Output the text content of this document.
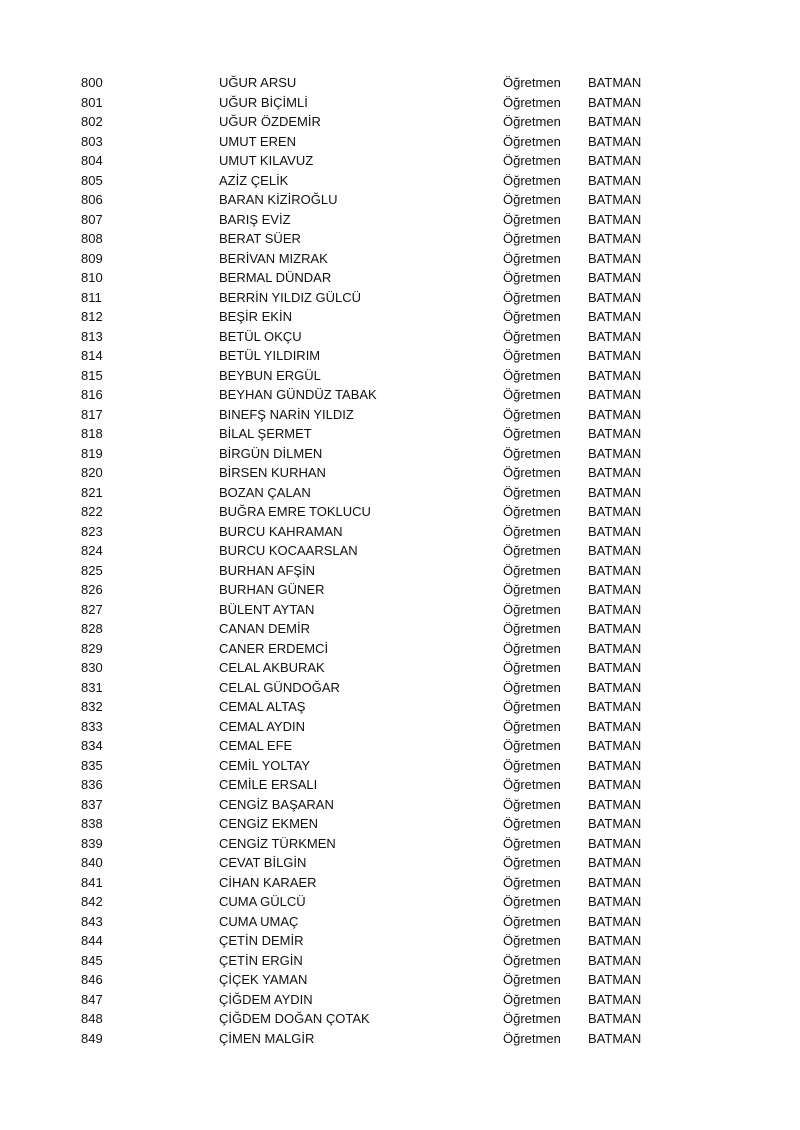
800	UĞUR ARSU	Öğretmen BATMAN
801	UĞUR BİÇİMLİ	Öğretmen BATMAN
802	UĞUR ÖZDEMİR	Öğretmen BATMAN
803	UMUT EREN	Öğretmen BATMAN
804	UMUT KILAVUZ	Öğretmen BATMAN
805	AZİZ ÇELİK	Öğretmen BATMAN
806	BARAN KİZİROĞLU	Öğretmen BATMAN
807	BARIŞ EVİZ	Öğretmen BATMAN
808	BERAT SÜER	Öğretmen BATMAN
809	BERİVAN MIZRAK	Öğretmen BATMAN
810	BERMAL DÜNDAR	Öğretmen BATMAN
811	BERRİN YILDIZ GÜLCÜ	Öğretmen BATMAN
812	BEŞİR EKİN	Öğretmen BATMAN
813	BETÜL OKÇU	Öğretmen BATMAN
814	BETÜL YILDIRIM	Öğretmen BATMAN
815	BEYBUN ERGÜL	Öğretmen BATMAN
816	BEYHAN GÜNDÜZ TABAK	Öğretmen BATMAN
817	BINEFŞ NARİN YILDIZ	Öğretmen BATMAN
818	BİLAL ŞERMET	Öğretmen BATMAN
819	BİRGÜN DİLMEN	Öğretmen BATMAN
820	BİRSEN KURHAN	Öğretmen BATMAN
821	BOZAN ÇALAN	Öğretmen BATMAN
822	BUĞRA EMRE TOKLUCU	Öğretmen BATMAN
823	BURCU KAHRAMAN	Öğretmen BATMAN
824	BURCU KOCAARSLAN	Öğretmen BATMAN
825	BURHAN AFŞİN	Öğretmen BATMAN
826	BURHAN GÜNER	Öğretmen BATMAN
827	BÜLENT AYTAN	Öğretmen BATMAN
828	CANAN DEMİR	Öğretmen BATMAN
829	CANER ERDEMCİ	Öğretmen BATMAN
830	CELAL AKBURAK	Öğretmen BATMAN
831	CELAL GÜNDOĞAR	Öğretmen BATMAN
832	CEMAL ALTAŞ	Öğretmen BATMAN
833	CEMAL AYDIN	Öğretmen BATMAN
834	CEMAL EFE	Öğretmen BATMAN
835	CEMİL YOLTAY	Öğretmen BATMAN
836	CEMİLE ERSALI	Öğretmen BATMAN
837	CENGİZ BAŞARAN	Öğretmen BATMAN
838	CENGİZ EKMEN	Öğretmen BATMAN
839	CENGİZ TÜRKMEN	Öğretmen BATMAN
840	CEVAT BİLGİN	Öğretmen BATMAN
841	CİHAN KARAER	Öğretmen BATMAN
842	CUMA GÜLCÜ	Öğretmen BATMAN
843	CUMA UMAÇ	Öğretmen BATMAN
844	ÇETİN DEMİR	Öğretmen BATMAN
845	ÇETİN ERGİN	Öğretmen BATMAN
846	ÇİÇEK YAMAN	Öğretmen BATMAN
847	ÇİĞDEM AYDIN	Öğretmen BATMAN
848	ÇİĞDEM DOĞAN ÇOTAK	Öğretmen BATMAN
849	ÇİMEN MALGİR	Öğretmen BATMAN
